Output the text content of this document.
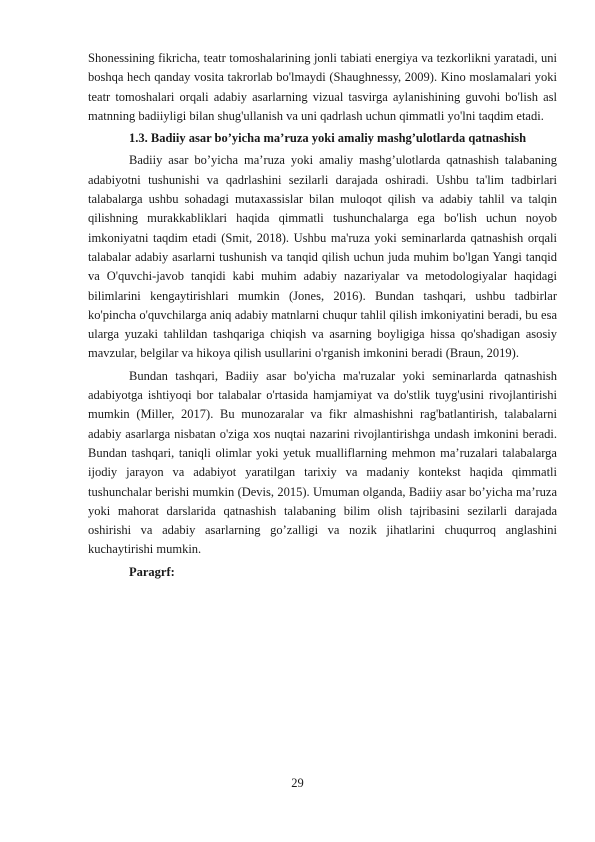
Shonessining fikricha, teatr tomoshalarining jonli tabiati energiya va tezkorlikni yaratadi, uni boshqa hech qanday vosita takrorlab bo'lmaydi (Shaughnessy, 2009). Kino moslamalari yoki teatr tomoshalari orqali adabiy asarlarning vizual tasvirga aylanishining guvohi bo'lish asl matnning badiiyligi bilan shug'ullanish va uni qadrlash uchun qimmatli yo'lni taqdim etadi.

1.3. Badiiy asar bo’yicha ma’ruza yoki amaliy mashg’ulotlarda qatnashish

Badiiy asar bo’yicha ma’ruza yoki amaliy mashg’ulotlarda qatnashish talabaning adabiyotni tushunishi va qadrlashini sezilarli darajada oshiradi. Ushbu ta'lim tadbirlari talabalarga ushbu sohadagi mutaxassislar bilan muloqot qilish va adabiy tahlil va talqin qilishning murakkabliklari haqida qimmatli tushunchalarga ega bo'lish uchun noyob imkoniyatni taqdim etadi (Smit, 2018). Ushbu ma'ruza yoki seminarlarda qatnashish orqali talabalar adabiy asarlarni tushunish va tanqid qilish uchun juda muhim bo'lgan Yangi tanqid va O'quvchi-javob tanqidi kabi muhim adabiy nazariyalar va metodologiyalar haqidagi bilimlarini kengaytirishlari mumkin (Jones, 2016). Bundan tashqari, ushbu tadbirlar ko'pincha o'quvchilarga aniq adabiy matnlarni chuqur tahlil qilish imkoniyatini beradi, bu esa ularga yuzaki tahlildan tashqariga chiqish va asarning boyligiga hissa qo'shadigan asosiy mavzular, belgilar va hikoya qilish usullarini o'rganish imkonini beradi (Braun, 2019).

Bundan tashqari, Badiiy asar bo'yicha ma'ruzalar yoki seminarlarda qatnashish adabiyotga ishtiyoqi bor talabalar o'rtasida hamjamiyat va do'stlik tuyg'usini rivojlantirishi mumkin (Miller, 2017). Bu munozaralar va fikr almashishni rag'batlantirish, talabalarni adabiy asarlarga nisbatan o'ziga xos nuqtai nazarini rivojlantirishga undash imkonini beradi. Bundan tashqari, taniqli olimlar yoki yetuk mualliflarning mehmon ma’ruzalari talabalarga ijodiy jarayon va adabiyot yaratilgan tarixiy va madaniy kontekst haqida qimmatli tushunchalar berishi mumkin (Devis, 2015). Umuman olganda, Badiiy asar bo’yicha ma’ruza yoki mahorat darslarida qatnashish talabaning bilim olish tajribasini sezilarli darajada oshirishi va adabiy asarlarning go’zalligi va nozik jihatlarini chuqurroq anglashini kuchaytirishi mumkin.

Paragrf:

29
